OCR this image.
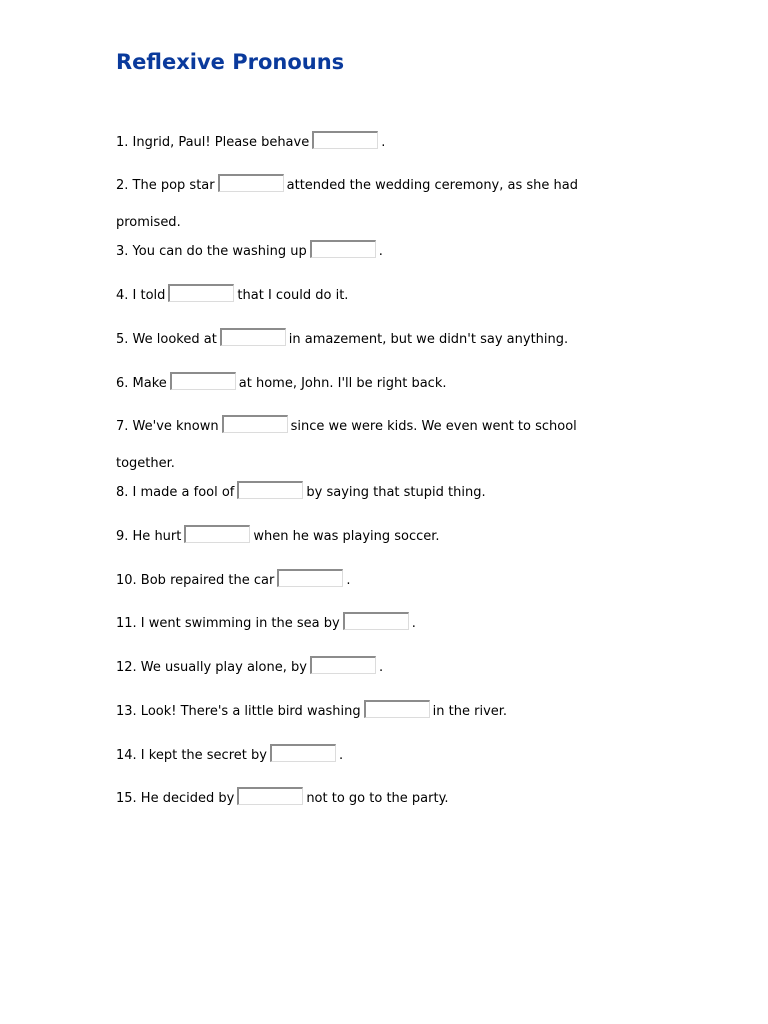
Reflexive Pronouns
1. Ingrid, Paul! Please behave	.
2. The pop star	attended the wedding ceremony, as she had promised.
3. You can do the washing up	.
4. I told	that I could do it.
5. We looked at	in amazement, but we didn't say anything.
6. Make	at home, John. I'll be right back.
7. We've known	since we were kids. We even went to school together.
8. I made a fool of	by saying that stupid thing.
9. He hurt	when he was playing soccer.
10. Bob repaired the car	.
11. I went swimming in the sea by	.
12. We usually play alone, by	.
13. Look! There's a little bird washing	in the river.
14. I kept the secret by	.
15. He decided by	not to go to the party.
